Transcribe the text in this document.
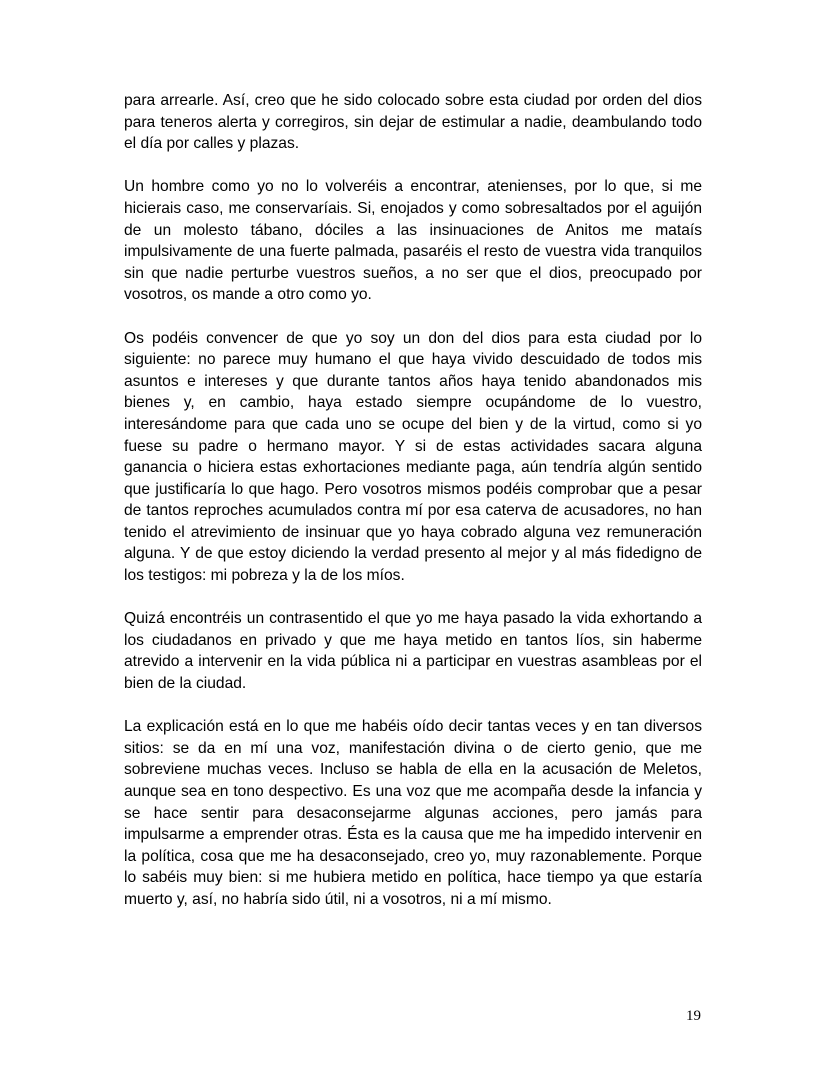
para arrearle. Así, creo que he sido colocado sobre esta ciudad por orden del dios para teneros alerta y corregiros, sin dejar de estimular a nadie, deambulando todo el día por calles y plazas.

Un hombre como yo no lo volveréis a encontrar, atenienses, por lo que, si me hicierais caso, me conservaríais. Si, enojados y como sobresaltados por el aguijón de un molesto tábano, dóciles a las insinuaciones de Anitos me mataís impulsivamente de una fuerte palmada, pasaréis el resto de vuestra vida tranquilos sin que nadie perturbe vuestros sueños, a no ser que el dios, preocupado por vosotros, os mande a otro como yo.

Os podéis convencer de que yo soy un don del dios para esta ciudad por lo siguiente: no parece muy humano el que haya vivido descuidado de todos mis asuntos e intereses y que durante tantos años haya tenido abandonados mis bienes y, en cambio, haya estado siempre ocupándome de lo vuestro, interesándome para que cada uno se ocupe del bien y de la virtud, como si yo fuese su padre o hermano mayor. Y si de estas actividades sacara alguna ganancia o hiciera estas exhortaciones mediante paga, aún tendría algún sentido que justificaría lo que hago. Pero vosotros mismos podéis comprobar que a pesar de tantos reproches acumulados contra mí por esa caterva de acusadores, no han tenido el atrevimiento de insinuar que yo haya cobrado alguna vez remuneración alguna. Y de que estoy diciendo la verdad presento al mejor y al más fidedigno de los testigos: mi pobreza y la de los míos.

Quizá encontréis un contrasentido el que yo me haya pasado la vida exhortando a los ciudadanos en privado y que me haya metido en tantos líos, sin haberme atrevido a intervenir en la vida pública ni a participar en vuestras asambleas por el bien de la ciudad.

La explicación está en lo que me habéis oído decir tantas veces y en tan diversos sitios: se da en mí una voz, manifestación divina o de cierto genio, que me sobreviene muchas veces. Incluso se habla de ella en la acusación de Meletos, aunque sea en tono despectivo. Es una voz que me acompaña desde la infancia y se hace sentir para desaconsejarme algunas acciones, pero jamás para impulsarme a emprender otras. Ésta es la causa que me ha impedido intervenir en la política, cosa que me ha desaconsejado, creo yo, muy razonablemente. Porque lo sabéis muy bien: si me hubiera metido en política, hace tiempo ya que estaría muerto y, así, no habría sido útil, ni a vosotros, ni a mí mismo.

19
